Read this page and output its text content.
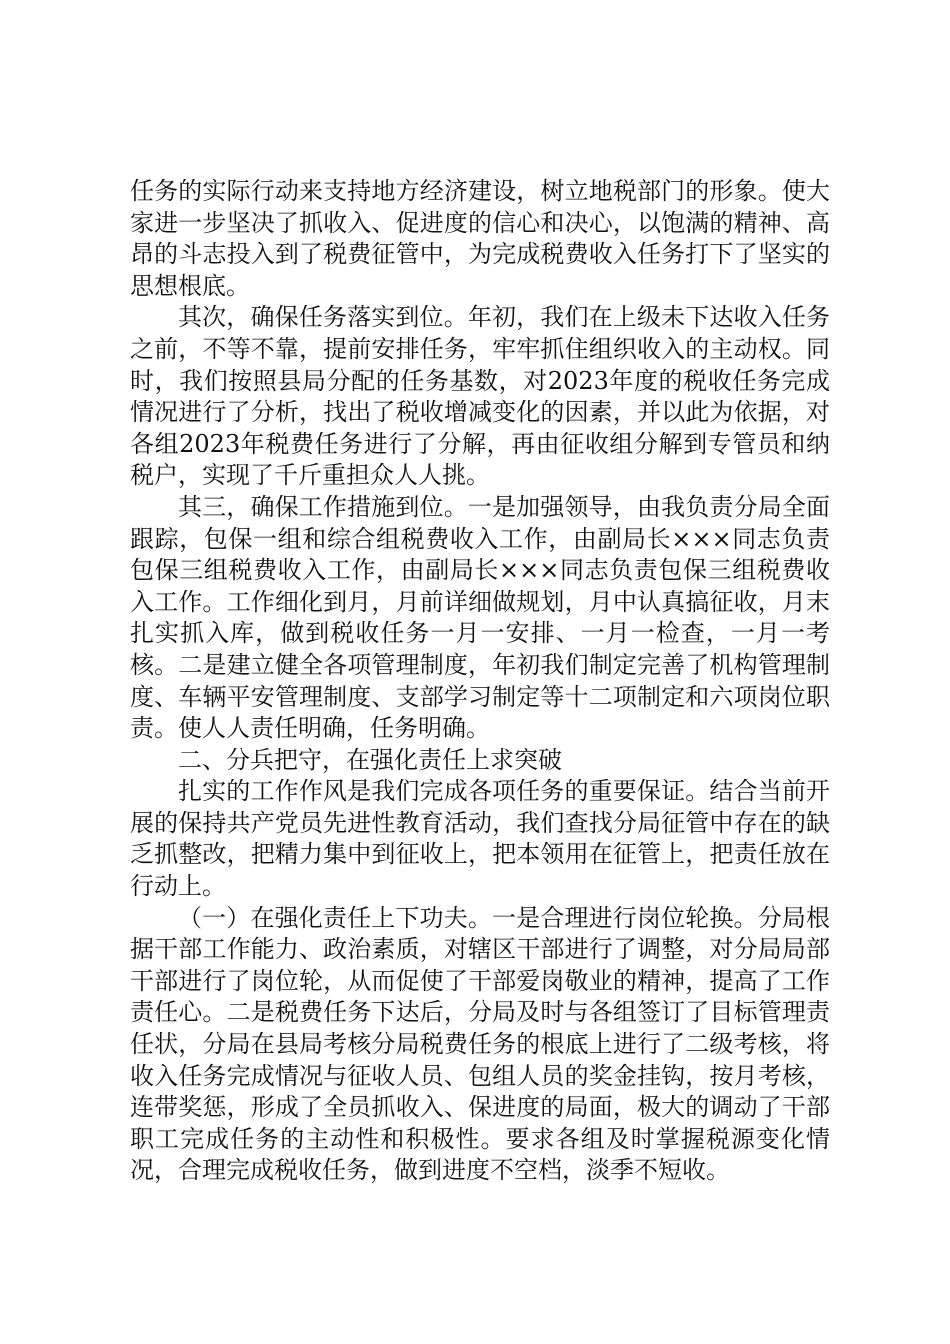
任务的实际行动来支持地方经济建设，树立地税部门的形象。使大家进一步坚决了抓收入、促进度的信心和决心，以饱满的精神、高昂的斗志投入到了税费征管中，为完成税费收入任务打下了坚实的思想根底。

其次，确保任务落实到位。年初，我们在上级未下达收入任务之前，不等不靠，提前安排任务，牢牢抓住组织收入的主动权。同时，我们按照县局分配的任务基数，对2023年度的税收任务完成情况进行了分析，找出了税收增减变化的因素，并以此为依据，对各组2023年税费任务进行了分解，再由征收组分解到专管员和纳税户，实现了千斤重担众人人挑。

其三，确保工作措施到位。一是加强领导，由我负责分局全面跟踪，包保一组和综合组税费收入工作，由副局长×××同志负责包保三组税费收入工作，由副局长×××同志负责包保三组税费收入工作。工作细化到月，月前详细做规划，月中认真搞征收，月末扎实抓入库，做到税收任务一月一安排、一月一检查，一月一考核。二是建立健全各项管理制度，年初我们制定完善了机构管理制度、车辆平安管理制度、支部学习制定等十二项制定和六项岗位职责。使人人责任明确，任务明确。

二、分兵把守，在强化责任上求突破

扎实的工作作风是我们完成各项任务的重要保证。结合当前开展的保持共产党员先进性教育活动，我们查找分局征管中存在的缺乏抓整改，把精力集中到征收上，把本领用在征管上，把责任放在行动上。

（一）在强化责任上下功夫。一是合理进行岗位轮换。分局根据干部工作能力、政治素质，对辖区干部进行了调整，对分局局部干部进行了岗位轮，从而促使了干部爱岗敬业的精神，提高了工作责任心。二是税费任务下达后，分局及时与各组签订了目标管理责任状，分局在县局考核分局税费任务的根底上进行了二级考核，将收入任务完成情况与征收人员、包组人员的奖金挂钩，按月考核，连带奖惩，形成了全员抓收入、保进度的局面，极大的调动了干部职工完成任务的主动性和积极性。要求各组及时掌握税源变化情况，合理完成税收任务，做到进度不空档，淡季不短收。
